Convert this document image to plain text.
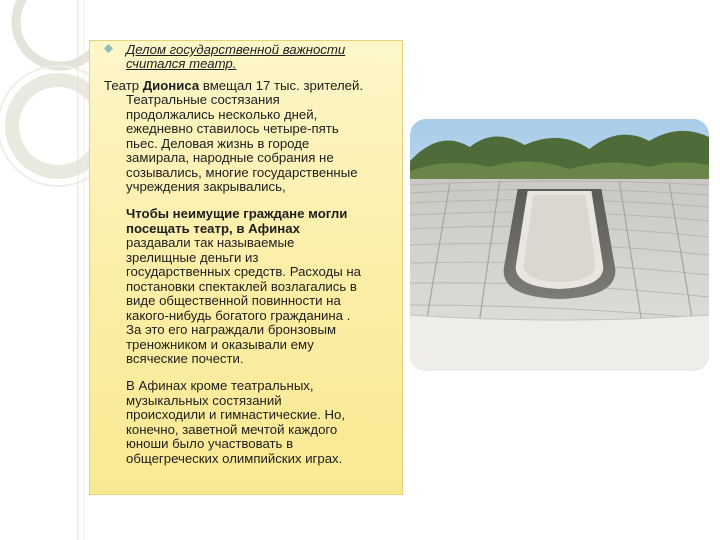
Делом государственной важности
считался театр.
Театр Диониса вмещал 17 тыс. зрителей.
Театральные состязания
продолжались несколько дней,
ежедневно ставилось четыре-пять
пьес. Деловая жизнь в городе
замирала, народные собрания не
созывались, многие государственные
учреждения закрывались,
Чтобы неимущие граждане могли
посещать театр, в Афинах
раздавали так называемые
зрелищные деньги из
государственных средств. Расходы на
постановки спектаклей возлагались в
виде общественной повинности на
какого-нибудь богатого гражданина .
За это его награждали бронзовым
треножником и оказывали ему
всяческие почести.
В Афинах кроме театральных,
музыкальных состязаний
происходили и гимнастические. Но,
конечно, заветной мечтой каждого
юноши было участвовать в
общегреческих олимпийских играх.
